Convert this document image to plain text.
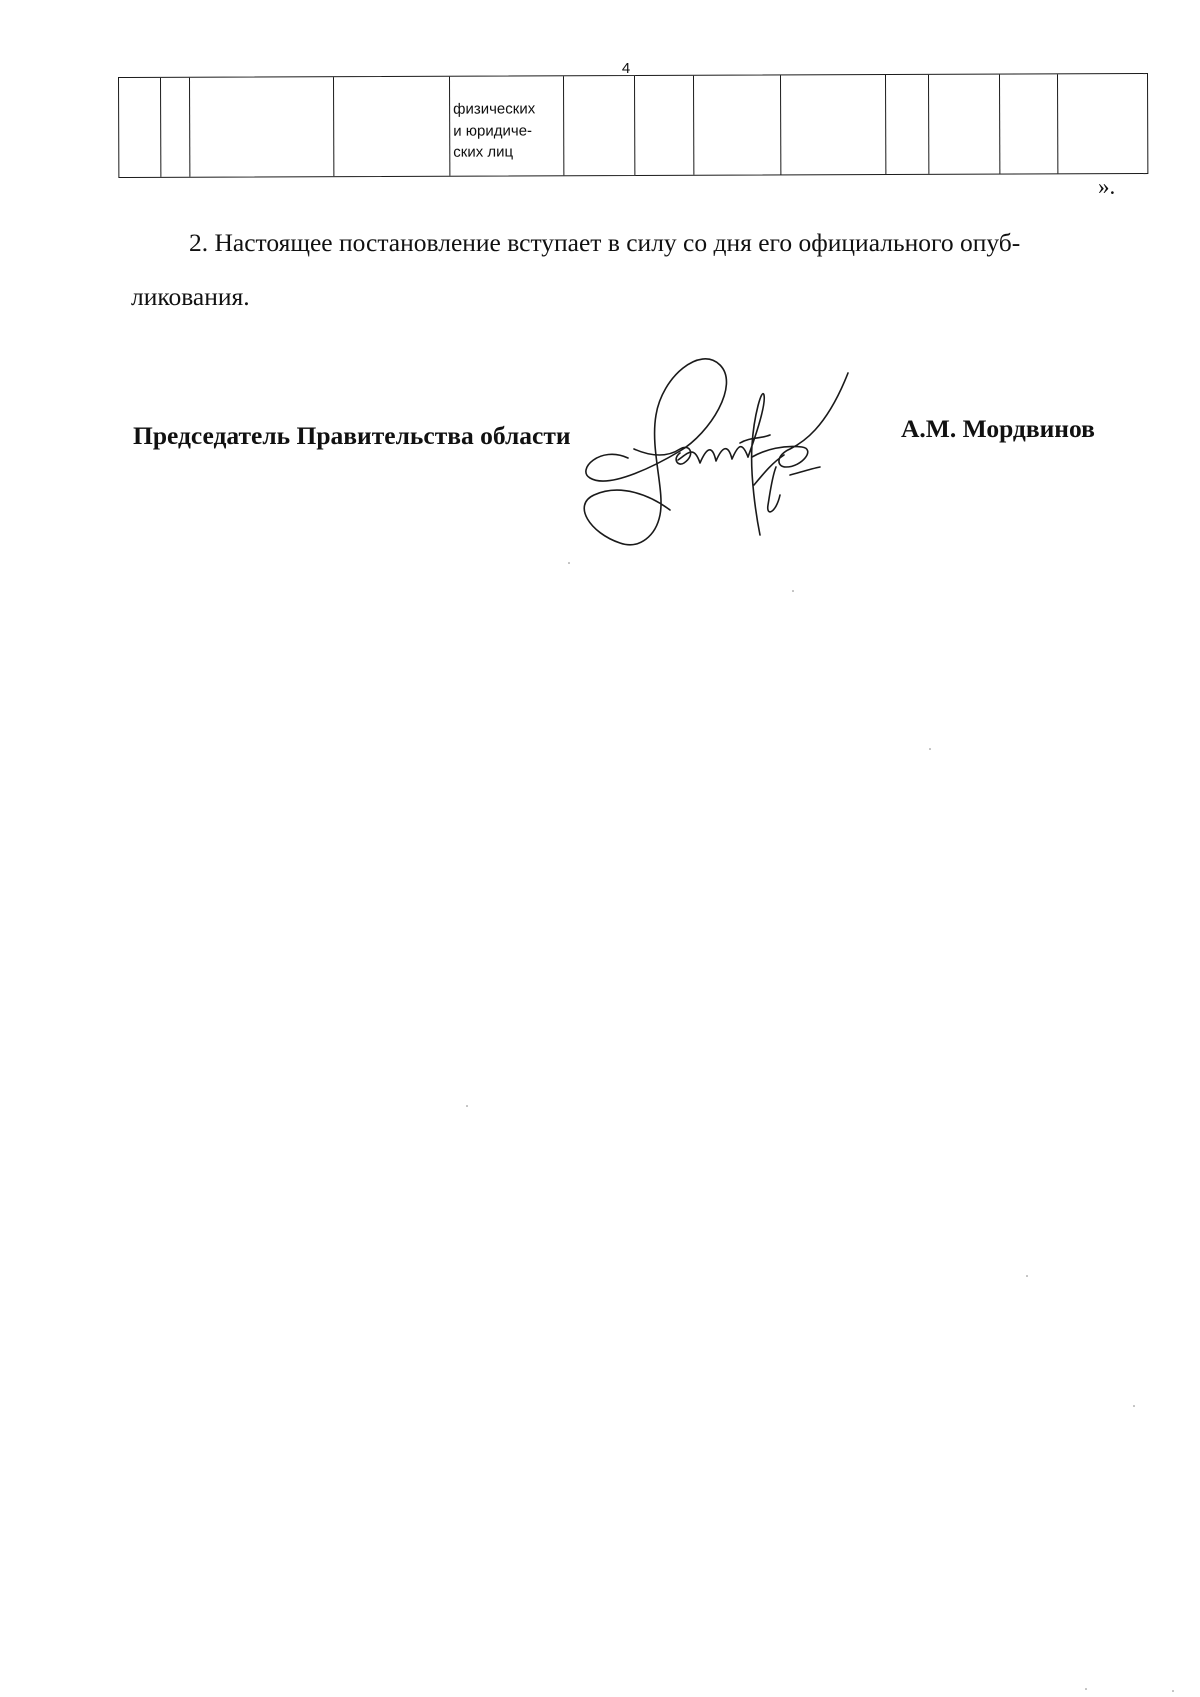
4
физических
и юридиче-
ских лиц
».
2. Настоящее постановление вступает в силу со дня его официального опуб-
ликования.
Председатель Правительства области	А.М. Мордвинов
